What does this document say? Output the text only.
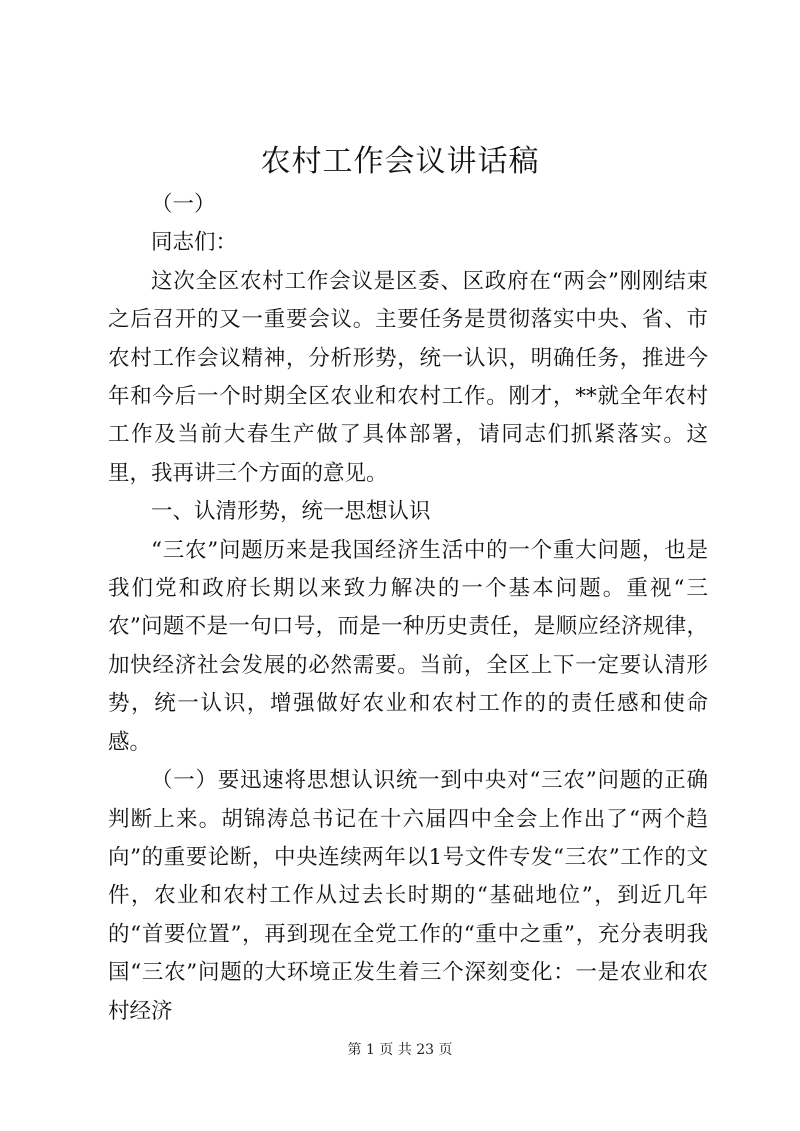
农村工作会议讲话稿

（一）

同志们：

这次全区农村工作会议是区委、区政府在“两会”刚刚结束之后召开的又一重要会议。主要任务是贯彻落实中央、省、市农村工作会议精神，分析形势，统一认识，明确任务，推进今年和今后一个时期全区农业和农村工作。刚才，**就全年农村工作及当前大春生产做了具体部署，请同志们抓紧落实。这里，我再讲三个方面的意见。

一、认清形势，统一思想认识

“三农”问题历来是我国经济生活中的一个重大问题，也是我们党和政府长期以来致力解决的一个基本问题。重视“三农”问题不是一句口号，而是一种历史责任，是顺应经济规律，加快经济社会发展的必然需要。当前，全区上下一定要认清形势，统一认识，增强做好农业和农村工作的的责任感和使命感。

（一）要迅速将思想认识统一到中央对“三农”问题的正确判断上来。胡锦涛总书记在十六届四中全会上作出了“两个趋向”的重要论断，中央连续两年以1号文件专发“三农”工作的文件，农业和农村工作从过去长时期的“基础地位”，到近几年的“首要位置”，再到现在全党工作的“重中之重”，充分表明我国“三农”问题的大环境正发生着三个深刻变化：一是农业和农村经济

第 1 页 共 23 页
